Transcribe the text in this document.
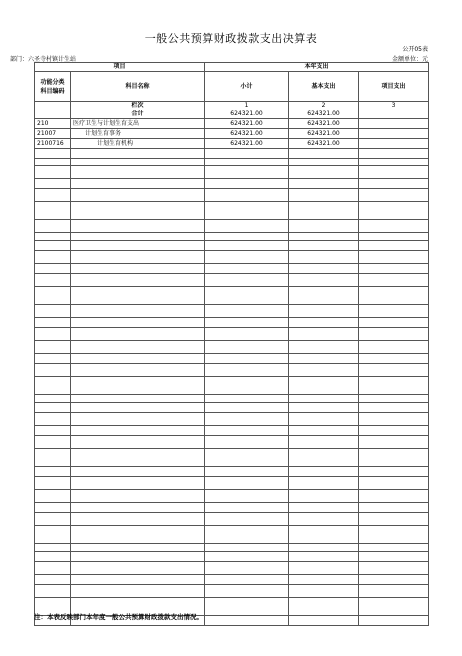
一般公共预算财政拨款支出决算表
公开05表
部门：六圣寺村镇计生站	金额单位：元
项目		本年支出		
功能分类
科目编码	科目名称	小计	基本支出	项目支出
	栏次	1	2	3
	合计	624321.00	624321.00	
210	医疗卫生与计划生育支出	624321.00	624321.00	
21007	计划生育事务	624321.00	624321.00	
2100716	计划生育机构	624321.00	624321.00	

注：本表反映部门本年度一般公共预算财政拨款支出情况。
